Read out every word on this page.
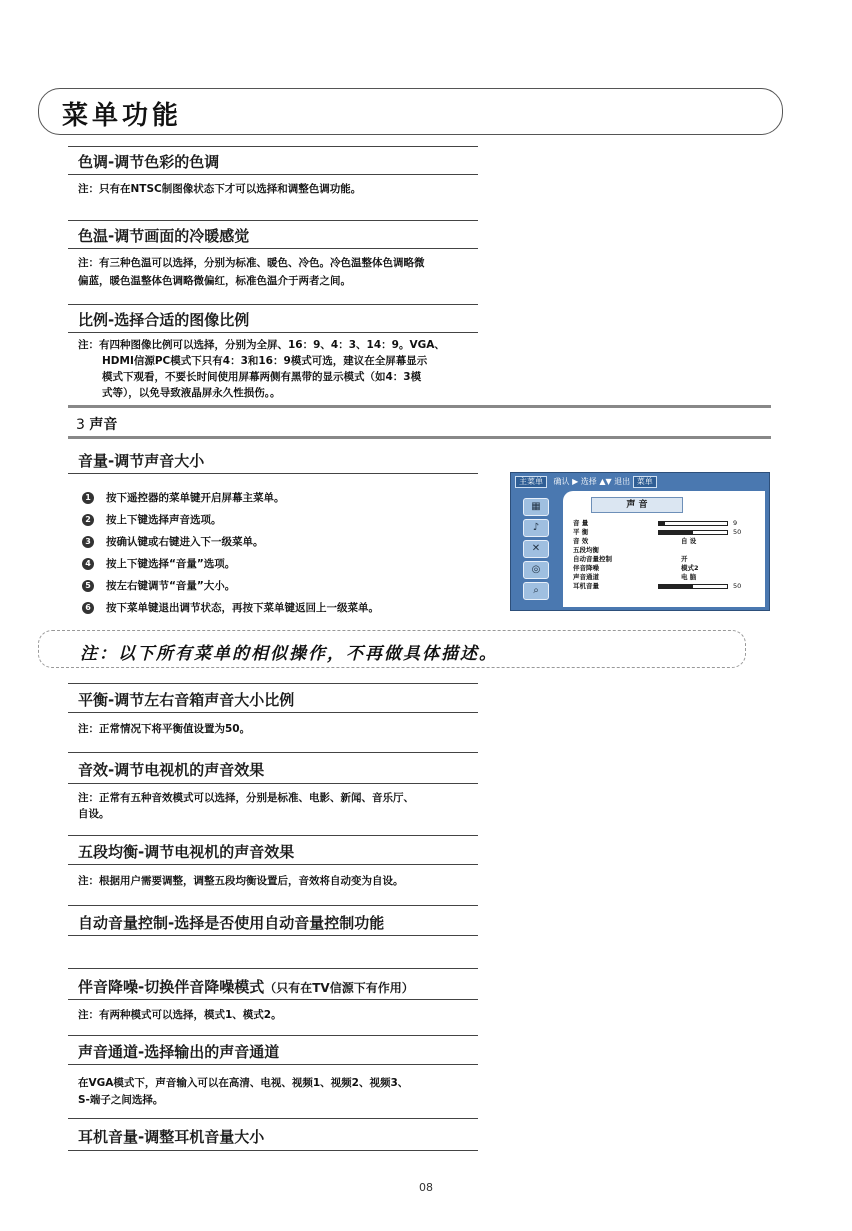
菜单功能
色调-调节色彩的色调
注：只有在NTSC制图像状态下才可以选择和调整色调功能。
色温-调节画面的冷暖感觉
注：有三种色温可以选择，分别为标准、暖色、冷色。冷色温整体色调略微
偏蓝，暖色温整体色调略微偏红，标准色温介于两者之间。
比例-选择合适的图像比例
注：有四种图像比例可以选择，分别为全屏、16：9、4：3、14：9。VGA、
HDMI信源PC模式下只有4：3和16：9模式可选，建议在全屏幕显示
模式下观看，不要长时间使用屏幕两侧有黑带的显示模式（如4：3模
式等），以免导致液晶屏永久性损伤。。
3 声音
音量-调节声音大小
1 按下遥控器的菜单键开启屏幕主菜单。
2 按上下键选择声音选项。
3 按确认键或右键进入下一级菜单。
4 按上下键选择“音量”选项。
5 按左右键调节“音量”大小。
6 按下菜单键退出调节状态，再按下菜单键返回上一级菜单。
主菜单 确认 ▶ 选择 ▲▼ 退出 菜单
▦
♪
✕
◎
⌕
声 音
音 量	9
平 衡	50
音 效	自 设
五段均衡
自动音量控制	开
伴音降噪	模式2
声音通道	电 脑
耳机音量	50
注：以下所有菜单的相似操作，不再做具体描述。
平衡-调节左右音箱声音大小比例
注：正常情况下将平衡值设置为50。
音效-调节电视机的声音效果
注：正常有五种音效模式可以选择，分别是标准、电影、新闻、音乐厅、
自设。
五段均衡-调节电视机的声音效果
注：根据用户需要调整，调整五段均衡设置后，音效将自动变为自设。
自动音量控制-选择是否使用自动音量控制功能
伴音降噪-切换伴音降噪模式（只有在TV信源下有作用）
注：有两种模式可以选择，模式1、模式2。
声音通道-选择输出的声音通道
在VGA模式下，声音输入可以在高清、电视、视频1、视频2、视频3、
S-端子之间选择。
耳机音量-调整耳机音量大小
08
